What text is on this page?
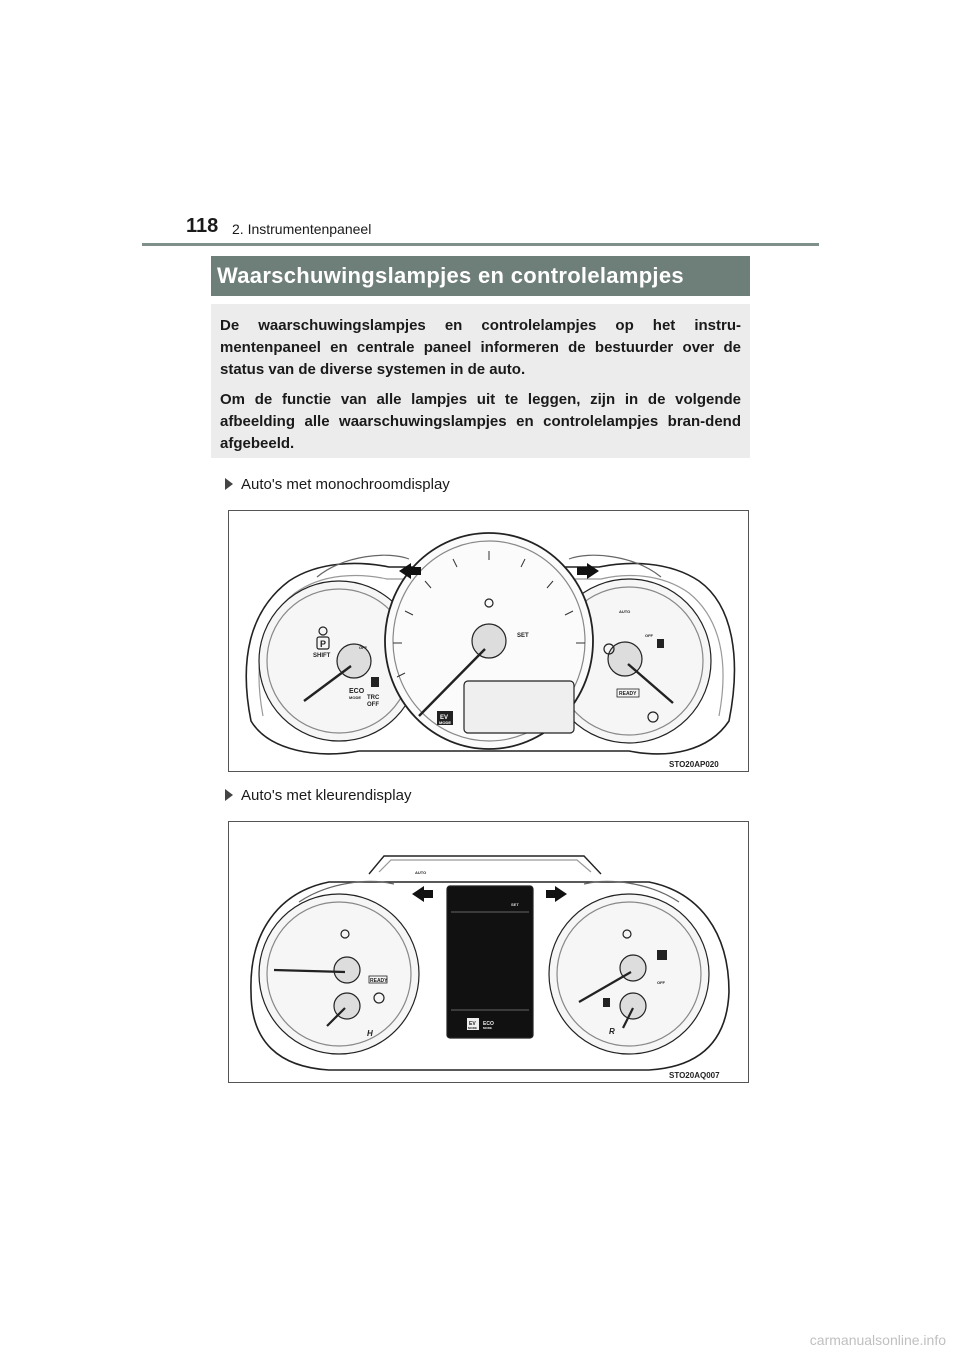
118 2. Instrumentenpaneel
Waarschuwingslampjes en controlelampjes

De waarschuwingslampjes en controlelampjes op het instru-mentenpaneel en centrale paneel informeren de bestuurder over de status van de diverse systemen in de auto.

Om de functie van alle lampjes uit te leggen, zijn in de volgende afbeelding alle waarschuwingslampjes en controlelampjes bran-dend afgebeeld.

Auto's met monochroomdisplay
SHIFT
P
ECO
MODE TRC
OFF
OFF
SET
AUTO
OFF
READY
EV
MODE
STO20AP020
Auto's met kleurendisplay
AUTO
SET
READY	OFF
EV
MODE
ECO
MODE
H	R
STO20AQ007
carmanualsonline.info
